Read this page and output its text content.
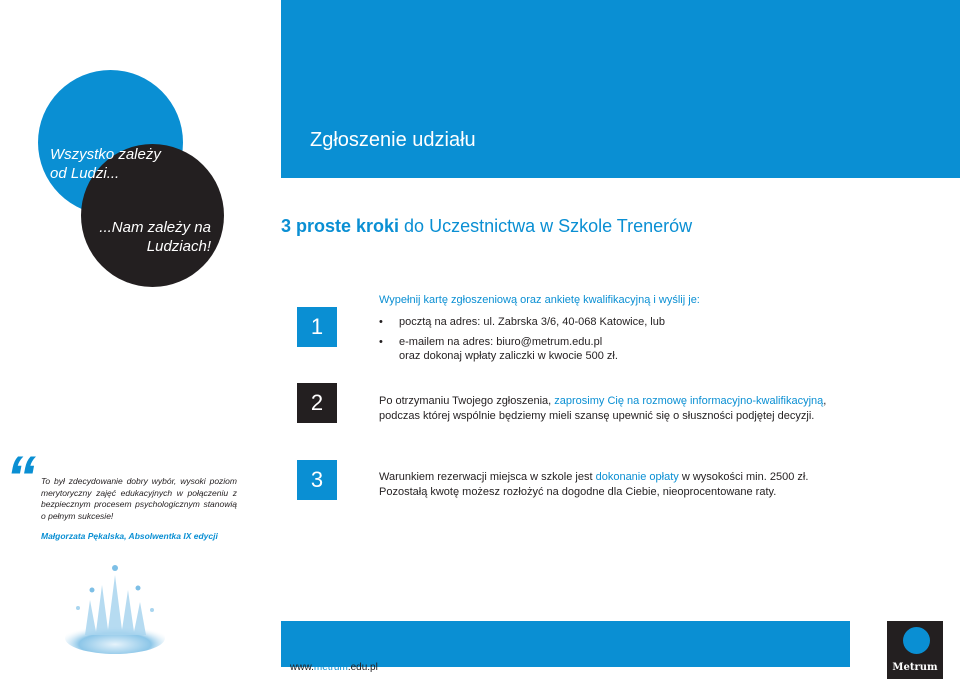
Wszystko zależy od Ludzi...
...Nam zależy na Ludziach!
Zgłoszenie udziału
3 proste kroki do Uczestnictwa w Szkole Trenerów
1
Wypełnij kartę zgłoszeniową oraz ankietę kwalifikacyjną i wyślij je:
• pocztą na adres: ul. Zabrska 3/6, 40-068 Katowice, lub
• e-mailem na adres: biuro@metrum.edu.pl
oraz dokonaj wpłaty zaliczki w kwocie 500 zł.
2	Po otrzymaniu Twojego zgłoszenia, zaprosimy Cię na rozmowę informacyjno-kwalifikacyjną, podczas której wspólnie będziemy mieli szansę upewnić się o słuszności podjętej decyzji.
3	Warunkiem rezerwacji miejsca w szkole jest dokonanie opłaty w wysokości min. 2500 zł. Pozostałą kwotę możesz rozłożyć na dogodne dla Ciebie, nieoprocentowane raty.
“ To był zdecydowanie dobry wybór, wysoki poziom merytoryczny zajęć edukacyjnych w połączeniu z bezpiecznym procesem psychologicznym stanowią o pełnym sukcesie!
Małgorzata Pękalska, Absolwentka IX edycji
www.metrum.edu.pl	Metrum
